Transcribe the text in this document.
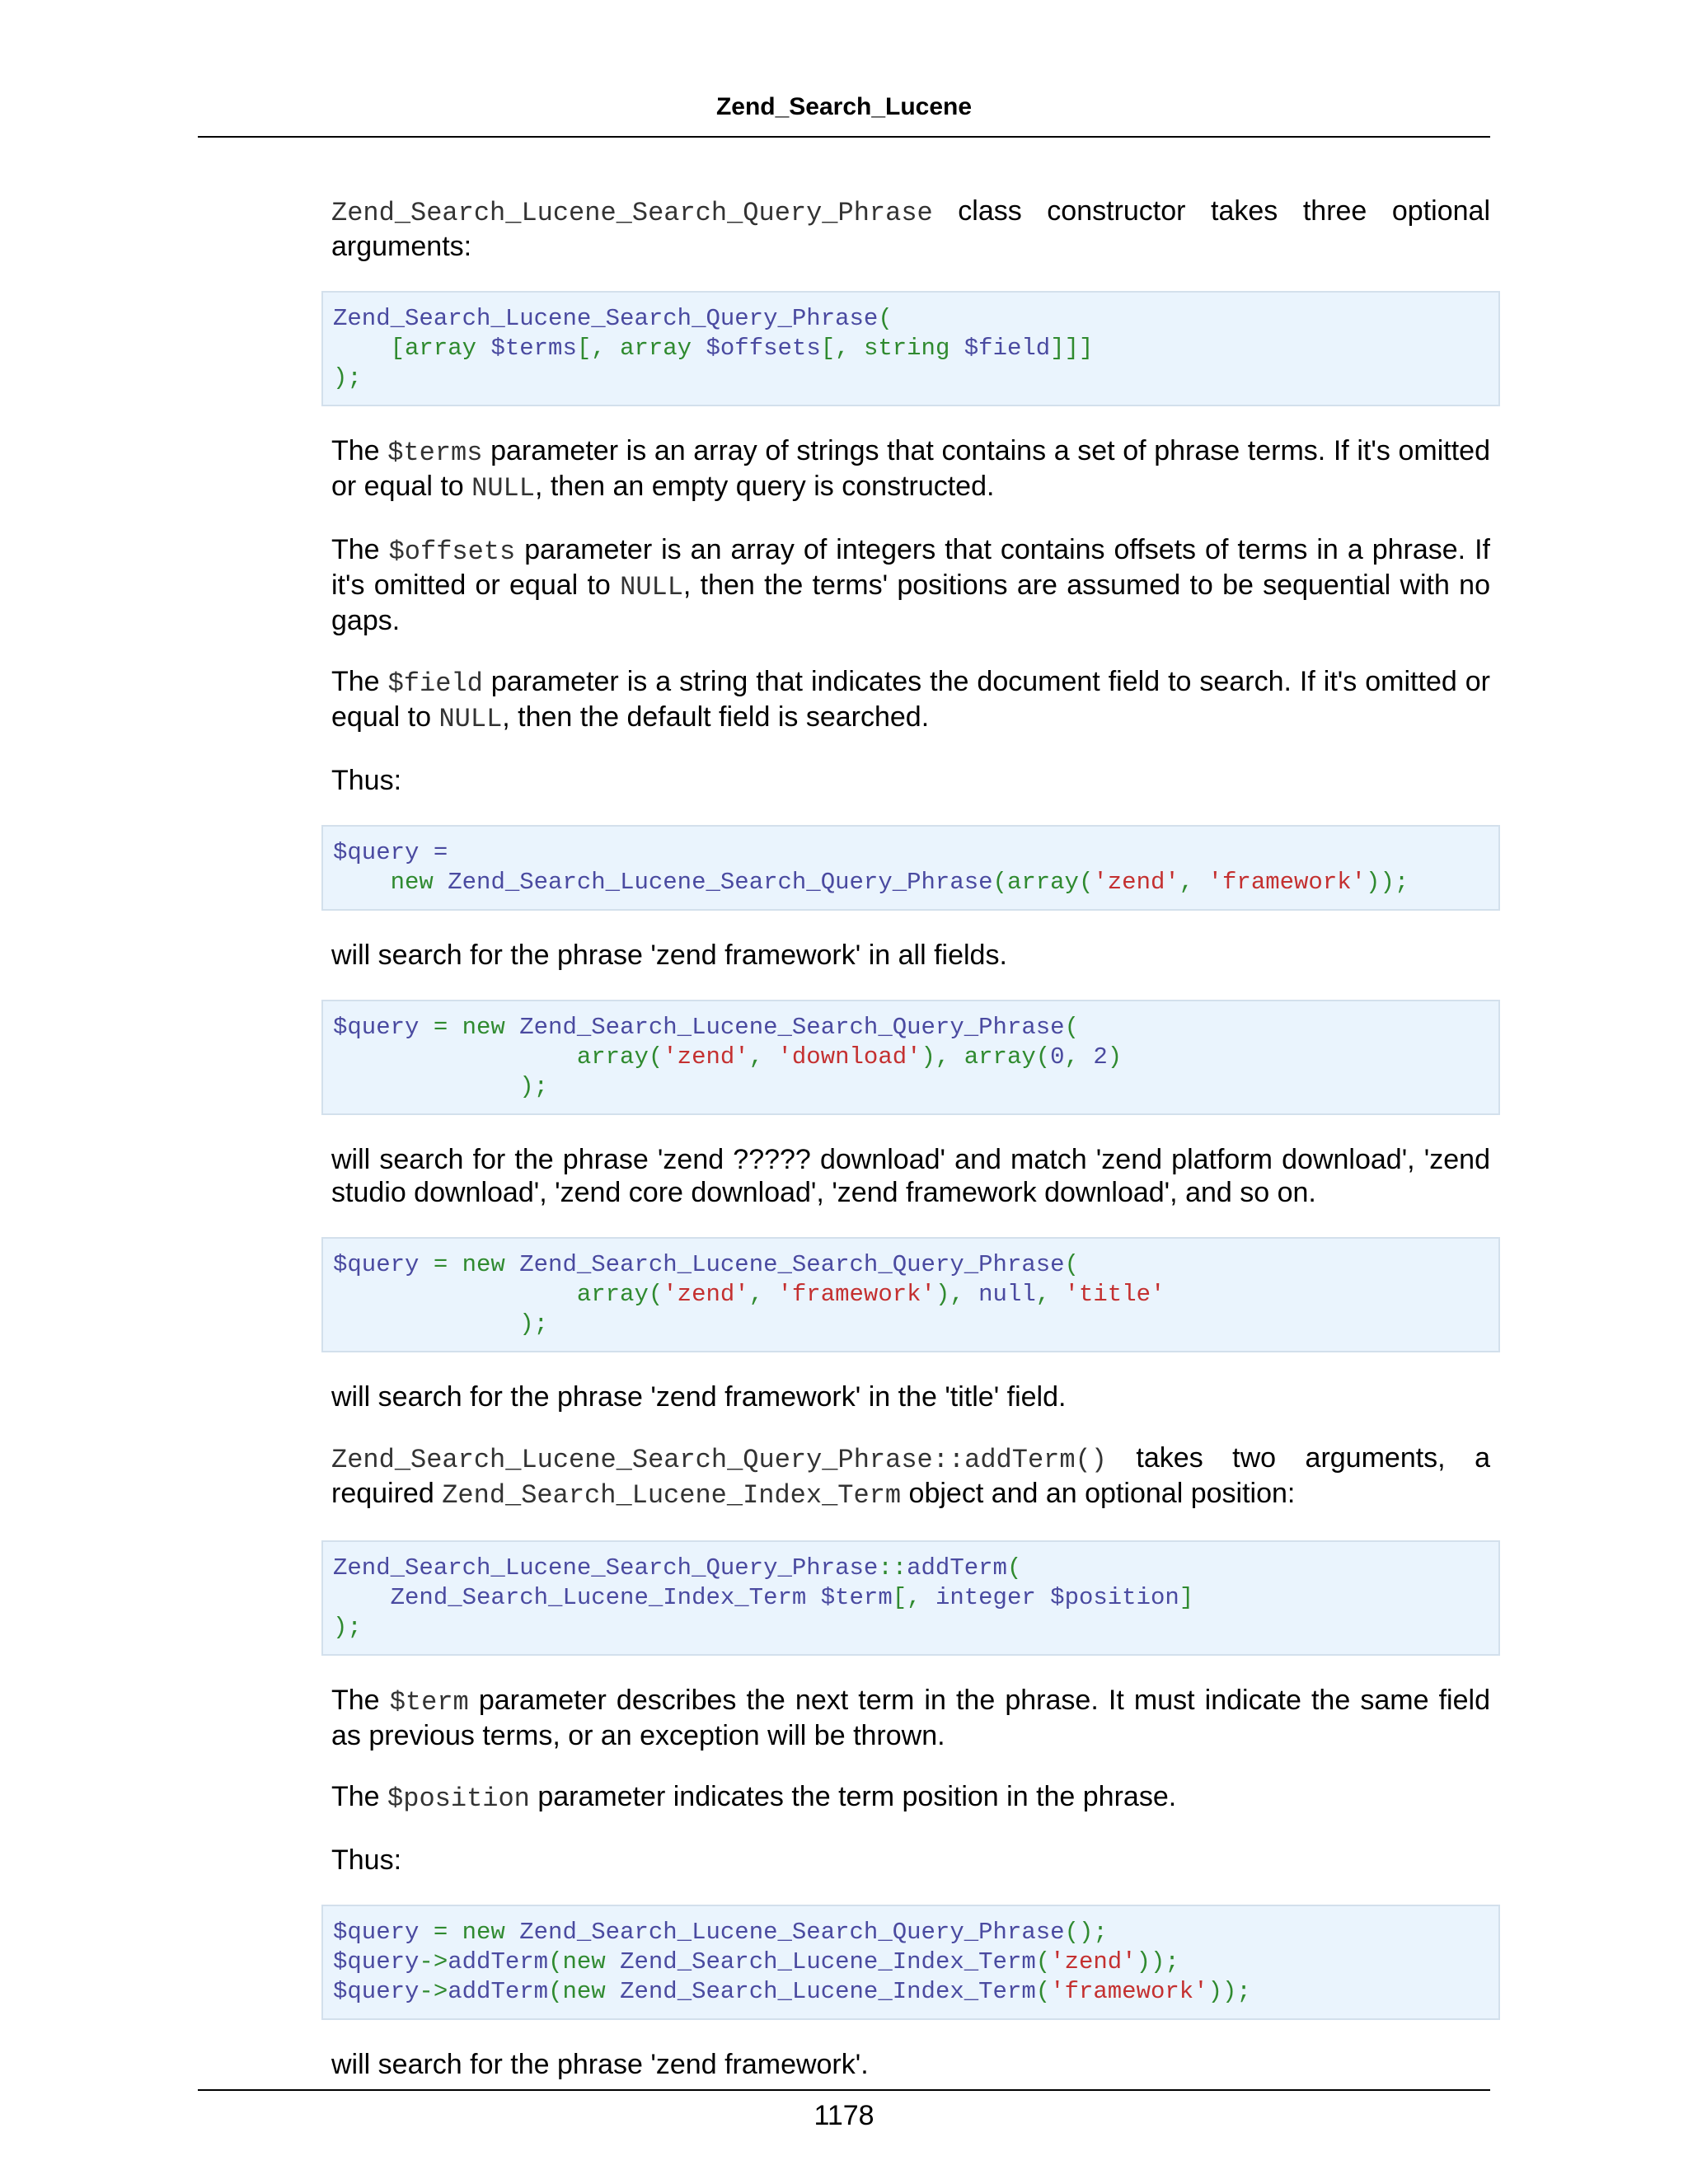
Zend_Search_Lucene

Zend_Search_Lucene_Search_Query_Phrase class constructor takes three optional arguments:

Zend_Search_Lucene_Search_Query_Phrase(
[array $terms[, array $offsets[, string $field]]]
);

The $terms parameter is an array of strings that contains a set of phrase terms. If it's omitted or equal to NULL, then an empty query is constructed.

The $offsets parameter is an array of integers that contains offsets of terms in a phrase. If it's omitted or equal to NULL, then the terms' positions are assumed to be sequential with no gaps.

The $field parameter is a string that indicates the document field to search. If it's omitted or equal to NULL, then the default field is searched.

Thus:

$query =
new Zend_Search_Lucene_Search_Query_Phrase(array('zend', 'framework'));

will search for the phrase 'zend framework' in all fields.

$query = new Zend_Search_Lucene_Search_Query_Phrase(
array('zend', 'download'), array(0, 2)
);

will search for the phrase 'zend ????? download' and match 'zend platform download', 'zend studio download', 'zend core download', 'zend framework download', and so on.

$query = new Zend_Search_Lucene_Search_Query_Phrase(
array('zend', 'framework'), null, 'title'
);

will search for the phrase 'zend framework' in the 'title' field.

Zend_Search_Lucene_Search_Query_Phrase::addTerm() takes two arguments, a required Zend_Search_Lucene_Index_Term object and an optional position:

Zend_Search_Lucene_Search_Query_Phrase::addTerm(
Zend_Search_Lucene_Index_Term $term[, integer $position]
);

The $term parameter describes the next term in the phrase. It must indicate the same field as previous terms, or an exception will be thrown.

The $position parameter indicates the term position in the phrase.

Thus:

$query = new Zend_Search_Lucene_Search_Query_Phrase();
$query->addTerm(new Zend_Search_Lucene_Index_Term('zend'));
$query->addTerm(new Zend_Search_Lucene_Index_Term('framework'));

will search for the phrase 'zend framework'.

1178
